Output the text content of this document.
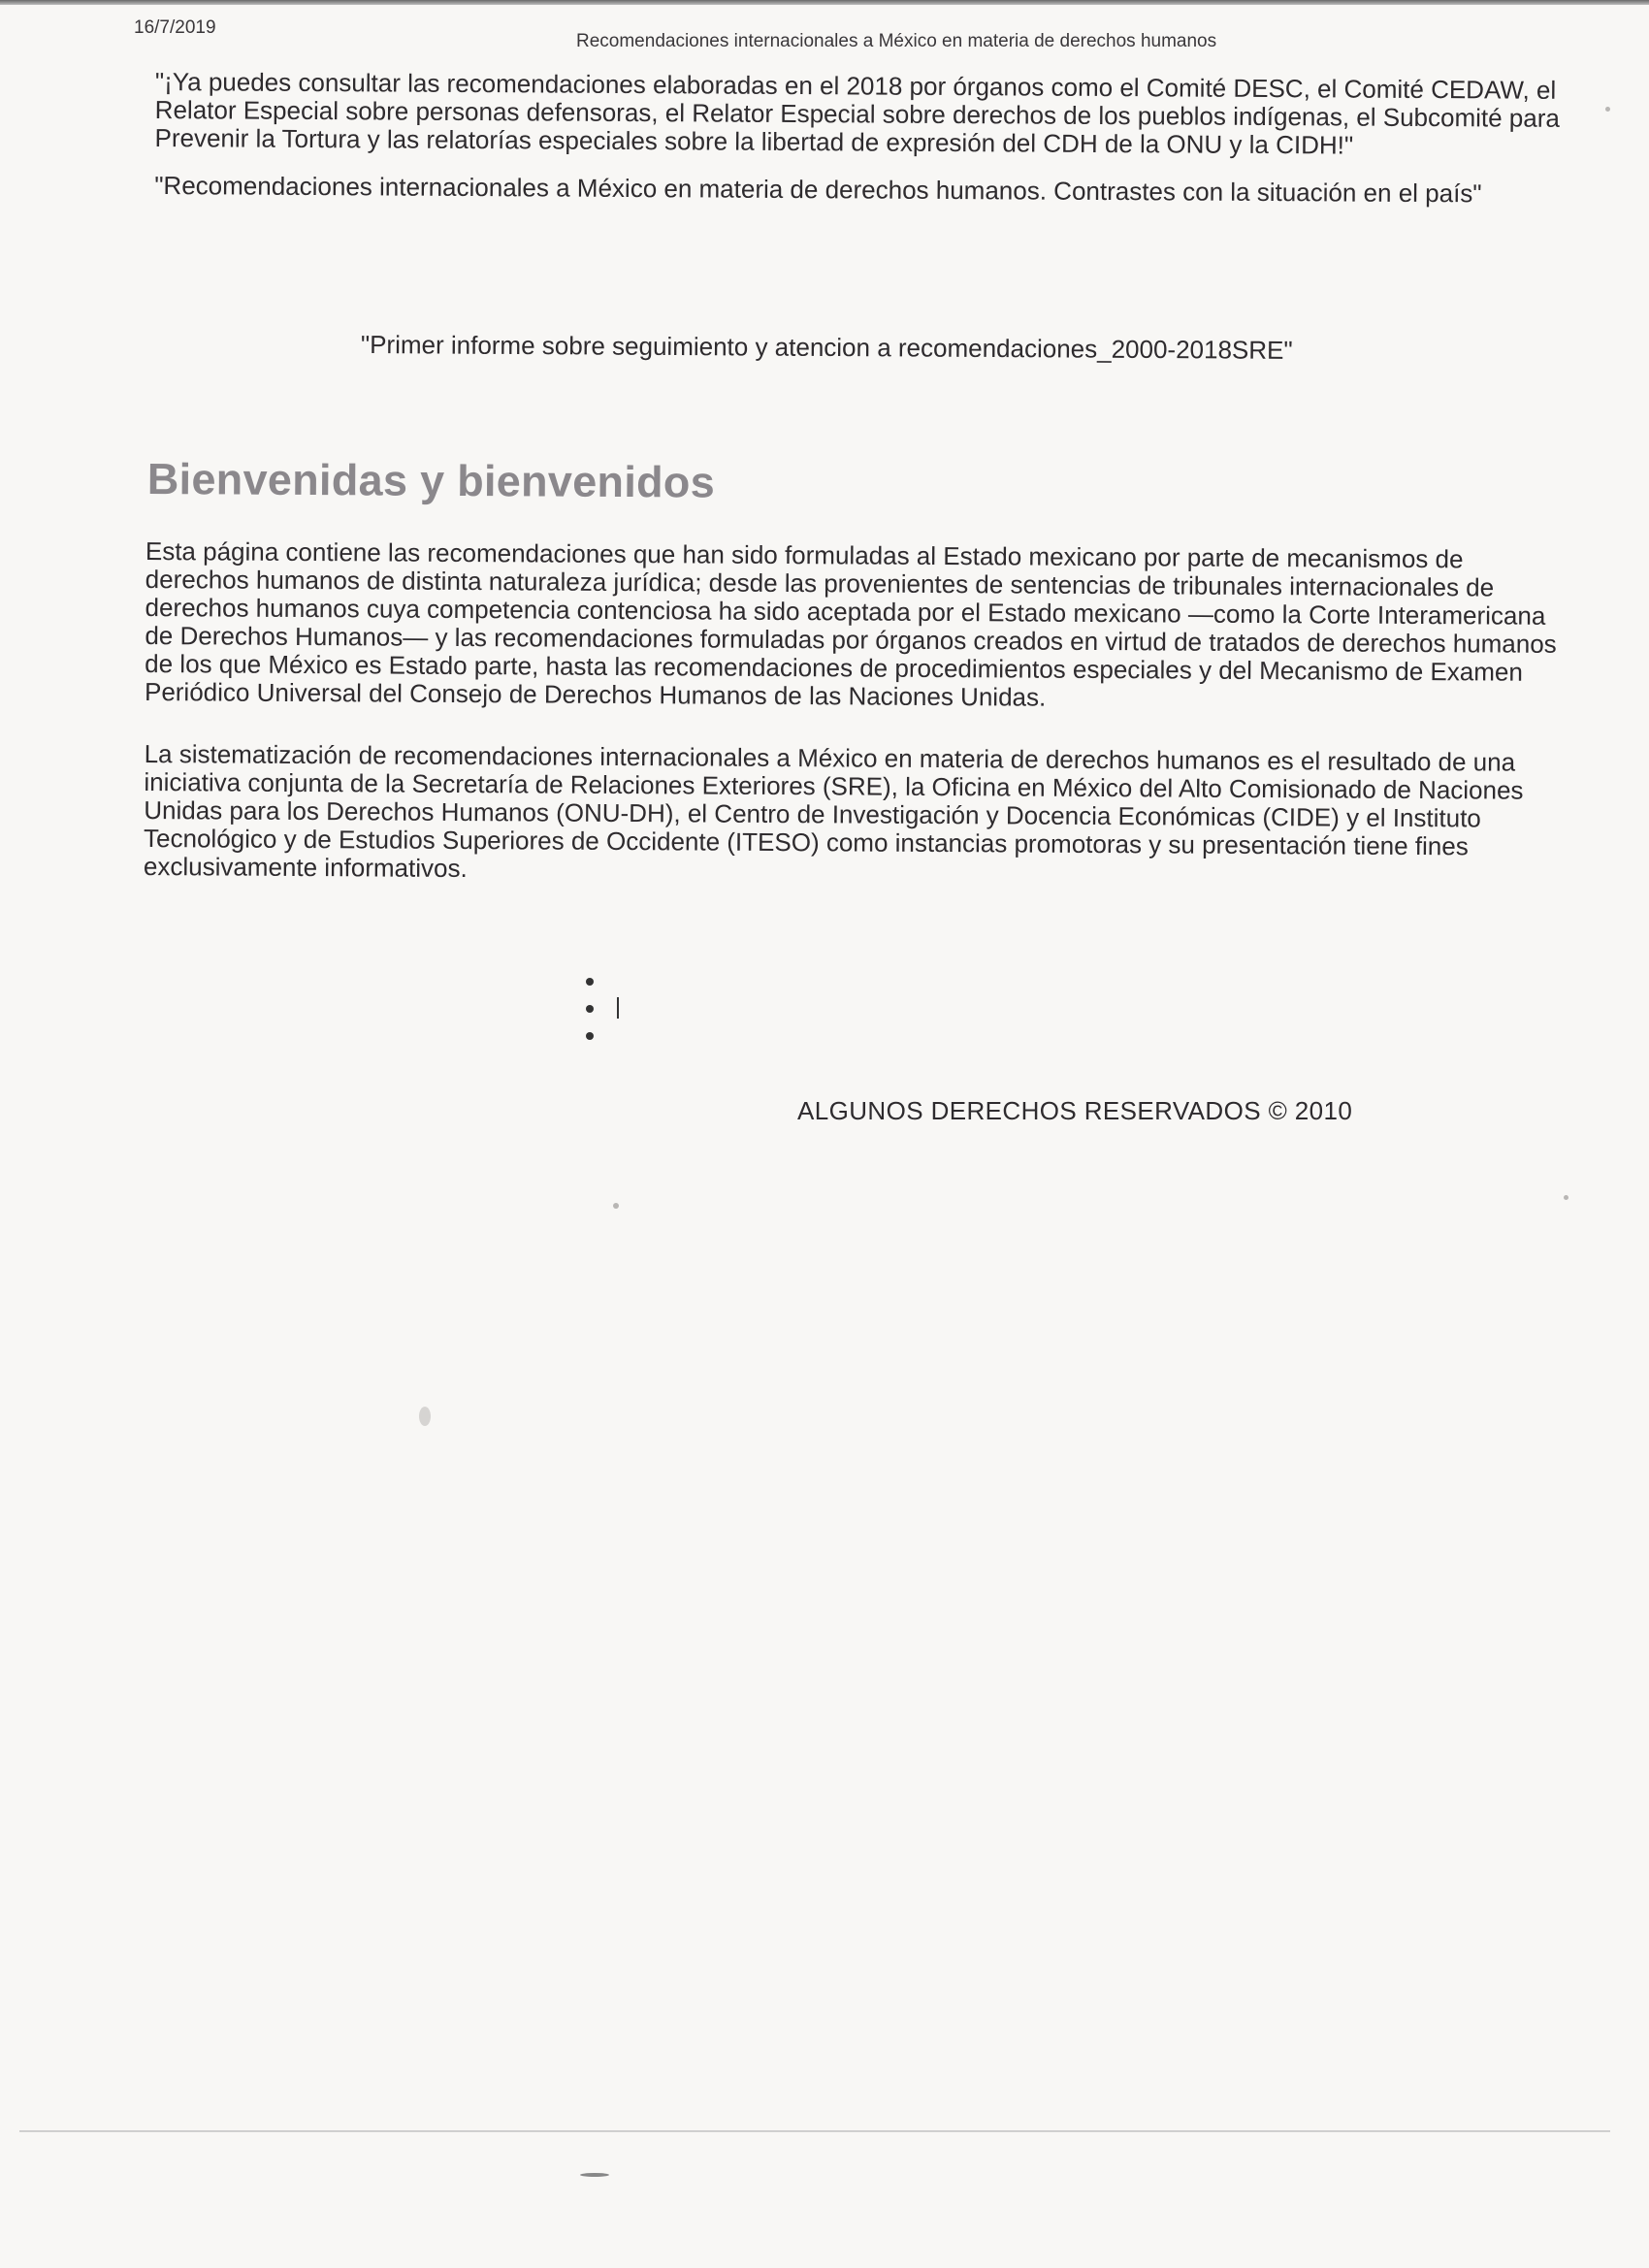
16/7/2019
Recomendaciones internacionales a México en materia de derechos humanos

"¡Ya puedes consultar las recomendaciones elaboradas en el 2018 por órganos como el Comité DESC, el Comité CEDAW, el Relator Especial sobre personas defensoras, el Relator Especial sobre derechos de los pueblos indígenas, el Subcomité para Prevenir la Tortura y las relatorías especiales sobre la libertad de expresión del CDH de la ONU y la CIDH!"

"Recomendaciones internacionales a México en materia de derechos humanos. Contrastes con la situación en el país"

"Primer informe sobre seguimiento y atencion a recomendaciones_2000-2018SRE"
Bienvenidas y bienvenidos

Esta página contiene las recomendaciones que han sido formuladas al Estado mexicano por parte de mecanismos de derechos humanos de distinta naturaleza jurídica; desde las provenientes de sentencias de tribunales internacionales de derechos humanos cuya competencia contenciosa ha sido aceptada por el Estado mexicano —como la Corte Interamericana de Derechos Humanos— y las recomendaciones formuladas por órganos creados en virtud de tratados de derechos humanos de los que México es Estado parte, hasta las recomendaciones de procedimientos especiales y del Mecanismo de Examen Periódico Universal del Consejo de Derechos Humanos de las Naciones Unidas.

La sistematización de recomendaciones internacionales a México en materia de derechos humanos es el resultado de una iniciativa conjunta de la Secretaría de Relaciones Exteriores (SRE), la Oficina en México del Alto Comisionado de Naciones Unidas para los Derechos Humanos (ONU-DH), el Centro de Investigación y Docencia Económicas (CIDE) y el Instituto Tecnológico y de Estudios Superiores de Occidente (ITESO) como instancias promotoras y su presentación tiene fines exclusivamente informativos.

ALGUNOS DERECHOS RESERVADOS © 2010
